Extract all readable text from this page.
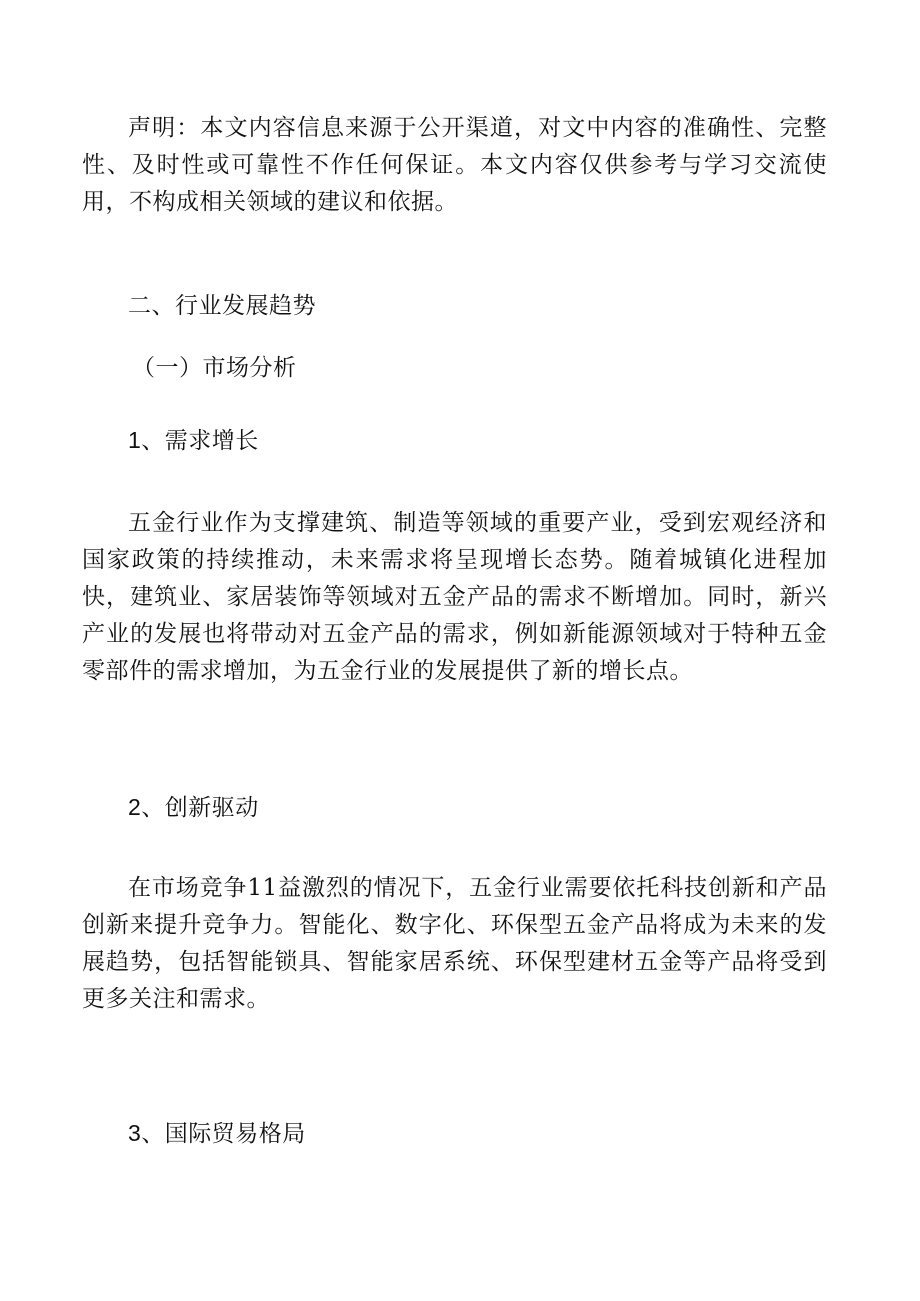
声明：本文内容信息来源于公开渠道，对文中内容的准确性、完整性、及时性或可靠性不作任何保证。本文内容仅供参考与学习交流使用，不构成相关领域的建议和依据。
二、行业发展趋势
（一）市场分析
1、需求增长
五金行业作为支撑建筑、制造等领域的重要产业，受到宏观经济和国家政策的持续推动，未来需求将呈现增长态势。随着城镇化进程加快，建筑业、家居装饰等领域对五金产品的需求不断增加。同时，新兴产业的发展也将带动对五金产品的需求，例如新能源领域对于特种五金零部件的需求增加，为五金行业的发展提供了新的增长点。
2、创新驱动
在市场竞争11益激烈的情况下，五金行业需要依托科技创新和产品创新来提升竞争力。智能化、数字化、环保型五金产品将成为未来的发展趋势，包括智能锁具、智能家居系统、环保型建材五金等产品将受到更多关注和需求。
3、国际贸易格局
